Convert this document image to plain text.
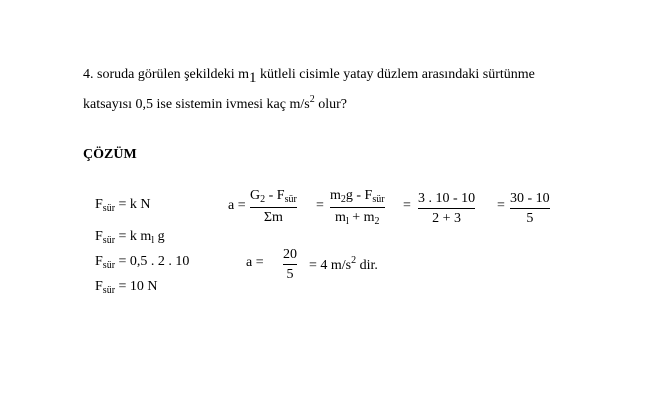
4. soruda görülen şekildeki m1 kütleli cisimle yatay düzlem arasındaki sürtünme
katsayısı 0,5 ise sistemin ivmesi kaç $m/s^2$ olur?
ÇÖZÜM
$F_{sür} = k$ N
$F_{sür} = k$ $m_l$ g
$F_{sür} = 0,5$ . 2 . 10
$F_{sür} = 10$ N
a =
$G_2 - F_{sür}$
Σm
=
$m_2g - F_{sür}$
$m_l + m_2$
= 3 . 10 - 10
2 + 3
= 30 - 10
5
a =
20
5
= 4 $m/s^2$ dir.
